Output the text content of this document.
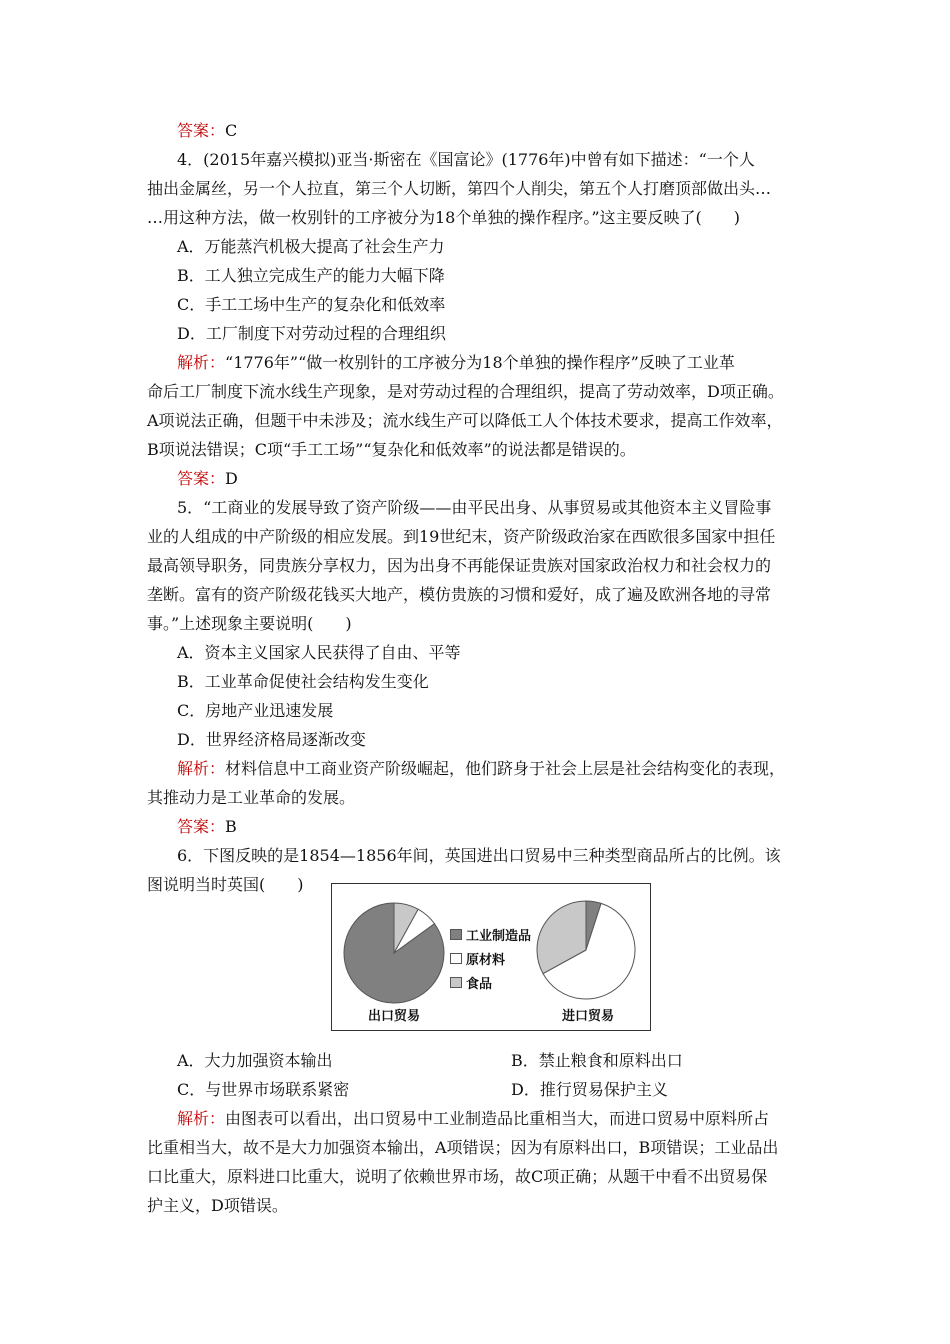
答案：C
4．(2015年嘉兴模拟)亚当·斯密在《国富论》(1776年)中曾有如下描述：“一个人
抽出金属丝，另一个人拉直，第三个人切断，第四个人削尖，第五个人打磨顶部做出头…
…用这种方法，做一枚别针的工序被分为18个单独的操作程序。”这主要反映了(　　)
A．万能蒸汽机极大提高了社会生产力
B．工人独立完成生产的能力大幅下降
C．手工工场中生产的复杂化和低效率
D．工厂制度下对劳动过程的合理组织
解析：“1776年”“做一枚别针的工序被分为18个单独的操作程序”反映了工业革
命后工厂制度下流水线生产现象，是对劳动过程的合理组织，提高了劳动效率，D项正确。
A项说法正确，但题干中未涉及；流水线生产可以降低工人个体技术要求，提高工作效率，
B项说法错误；C项“手工工场”“复杂化和低效率”的说法都是错误的。
答案：D
5．“工商业的发展导致了资产阶级——由平民出身、从事贸易或其他资本主义冒险事
业的人组成的中产阶级的相应发展。到19世纪末，资产阶级政治家在西欧很多国家中担任
最高领导职务，同贵族分享权力，因为出身不再能保证贵族对国家政治权力和社会权力的
垄断。富有的资产阶级花钱买大地产，模仿贵族的习惯和爱好，成了遍及欧洲各地的寻常
事。”上述现象主要说明(　　)
A．资本主义国家人民获得了自由、平等
B．工业革命促使社会结构发生变化
C．房地产业迅速发展
D．世界经济格局逐渐改变
解析：材料信息中工商业资产阶级崛起，他们跻身于社会上层是社会结构变化的表现，
其推动力是工业革命的发展。
答案：B
6．下图反映的是1854—1856年间，英国进出口贸易中三种类型商品所占的比例。该
图说明当时英国(　　)
工业制造品
原材料
食品
出口贸易	进口贸易
A．大力加强资本输出	B．禁止粮食和原料出口
C．与世界市场联系紧密	D．推行贸易保护主义
解析：由图表可以看出，出口贸易中工业制造品比重相当大，而进口贸易中原料所占
比重相当大，故不是大力加强资本输出，A项错误；因为有原料出口，B项错误；工业品出
口比重大，原料进口比重大，说明了依赖世界市场，故C项正确；从题干中看不出贸易保
护主义，D项错误。
